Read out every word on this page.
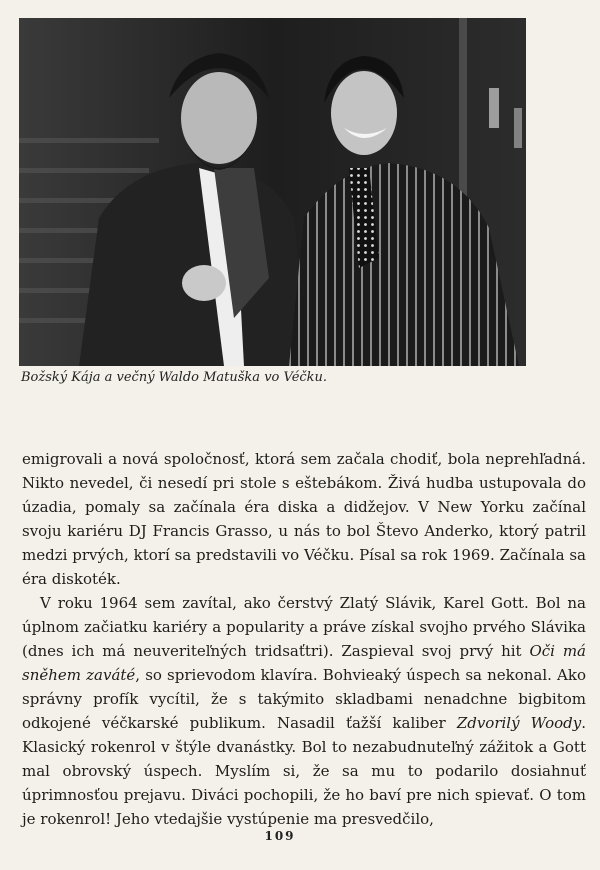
Božský Kája a večný Waldo Matuška vo Véčku.

emigrovali a nová spoločnosť, ktorá sem začala chodiť, bola neprehľadná. Nikto nevedel, či nesedí pri stole s eštebákom. Živá hudba ustupovala do úzadia, pomaly sa začínala éra diska a didžejov. V New Yorku začínal svoju kariéru DJ Francis Grasso, u nás to bol Števo Anderko, ktorý patril medzi prvých, ktorí sa predstavili vo Véčku. Písal sa rok 1969. Začínala sa éra diskoték.

V roku 1964 sem zavítal, ako čerstvý Zlatý Slávik, Karel Gott. Bol na úplnom začiatku kariéry a popularity a práve získal svojho prvého Slávika (dnes ich má neuveriteľných tridsaťtri). Zaspieval svoj prvý hit Oči má sněhem zaváté, so sprievodom klavíra. Bohvieaký úspech sa nekonal. Ako správny profík vycítil, že s takýmito skladbami nenadchne bigbitom odkojené véčkarské publikum. Nasadil ťažší kaliber Zdvorilý Woody. Klasický rokenrol v štýle dvanástky. Bol to nezabudnuteľný zážitok a Gott mal obrovský úspech. Myslím si, že sa mu to podarilo dosiahnuť úprimnosťou prejavu. Diváci pochopili, že ho baví pre nich spievať. O tom je rokenrol! Jeho vtedajšie vystúpenie ma presvedčilo,

109
